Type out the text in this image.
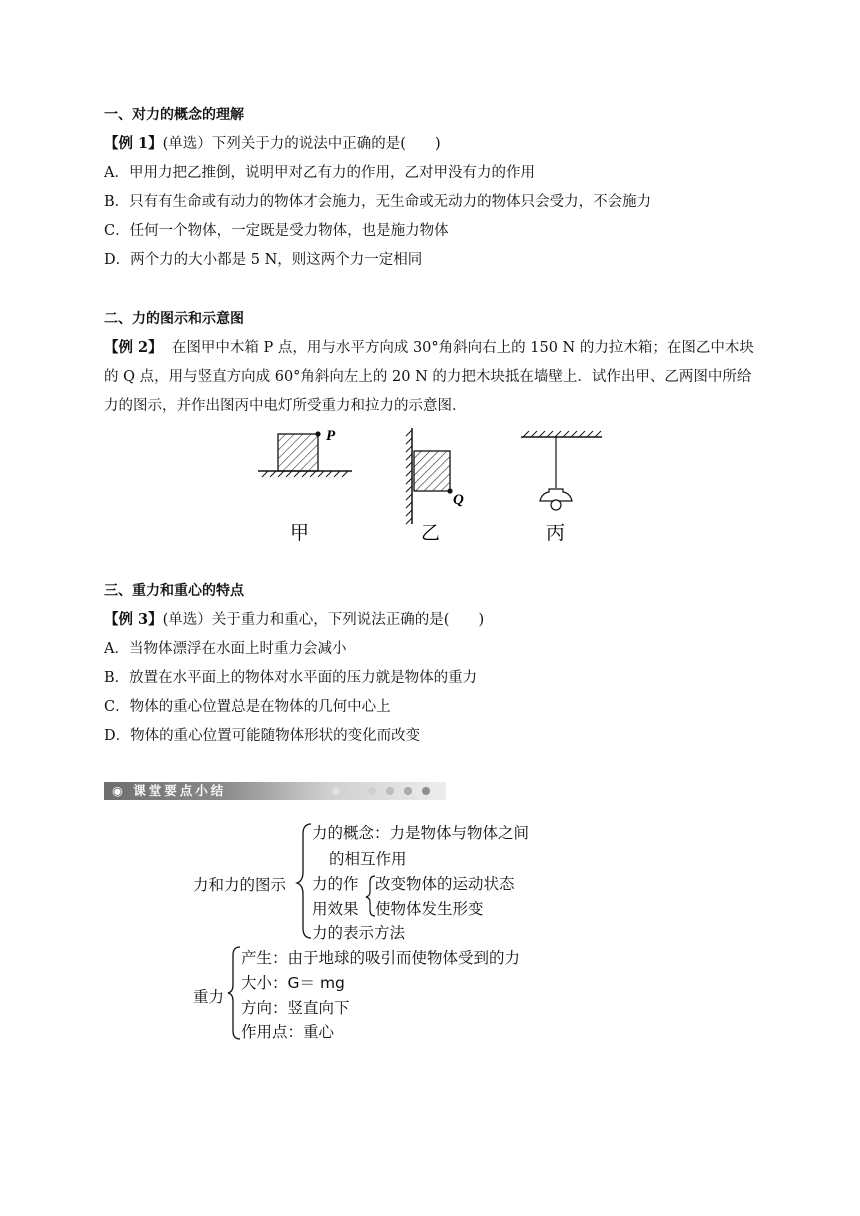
一、对力的概念的理解
【例 1】(单选）下列关于力的说法中正确的是(　　)
A．甲用力把乙推倒，说明甲对乙有力的作用，乙对甲没有力的作用
B．只有有生命或有动力的物体才会施力，无生命或无动力的物体只会受力，不会施力
C．任何一个物体，一定既是受力物体，也是施力物体
D．两个力的大小都是 5 N，则这两个力一定相同
二、力的图示和示意图
【例 2】 在图甲中木箱 P 点，用与水平方向成 30°角斜向右上的 150 N 的力拉木箱；在图乙中木块的 Q 点，用与竖直方向成 60°角斜向左上的 20 N 的力把木块抵在墙壁上．试作出甲、乙两图中所给力的图示，并作出图丙中电灯所受重力和拉力的示意图．
P
Q
甲	乙	丙
三、重力和重心的特点
【例 3】(单选）关于重力和重心，下列说法正确的是(　　)
A．当物体漂浮在水面上时重力会减小
B．放置在水平面上的物体对水平面的压力就是物体的重力
C．物体的重心位置总是在物体的几何中心上
D．物体的重心位置可能随物体形状的变化而改变
◉ 课堂要点小结
力和力的图示
力的概念：力是物体与物体之间
的相互作用
力的作
用效果
改变物体的运动状态
使物体发生形变
力的表示方法
重力
产生：由于地球的吸引而使物体受到的力
大小：G＝ mg
方向：竖直向下
作用点：重心
